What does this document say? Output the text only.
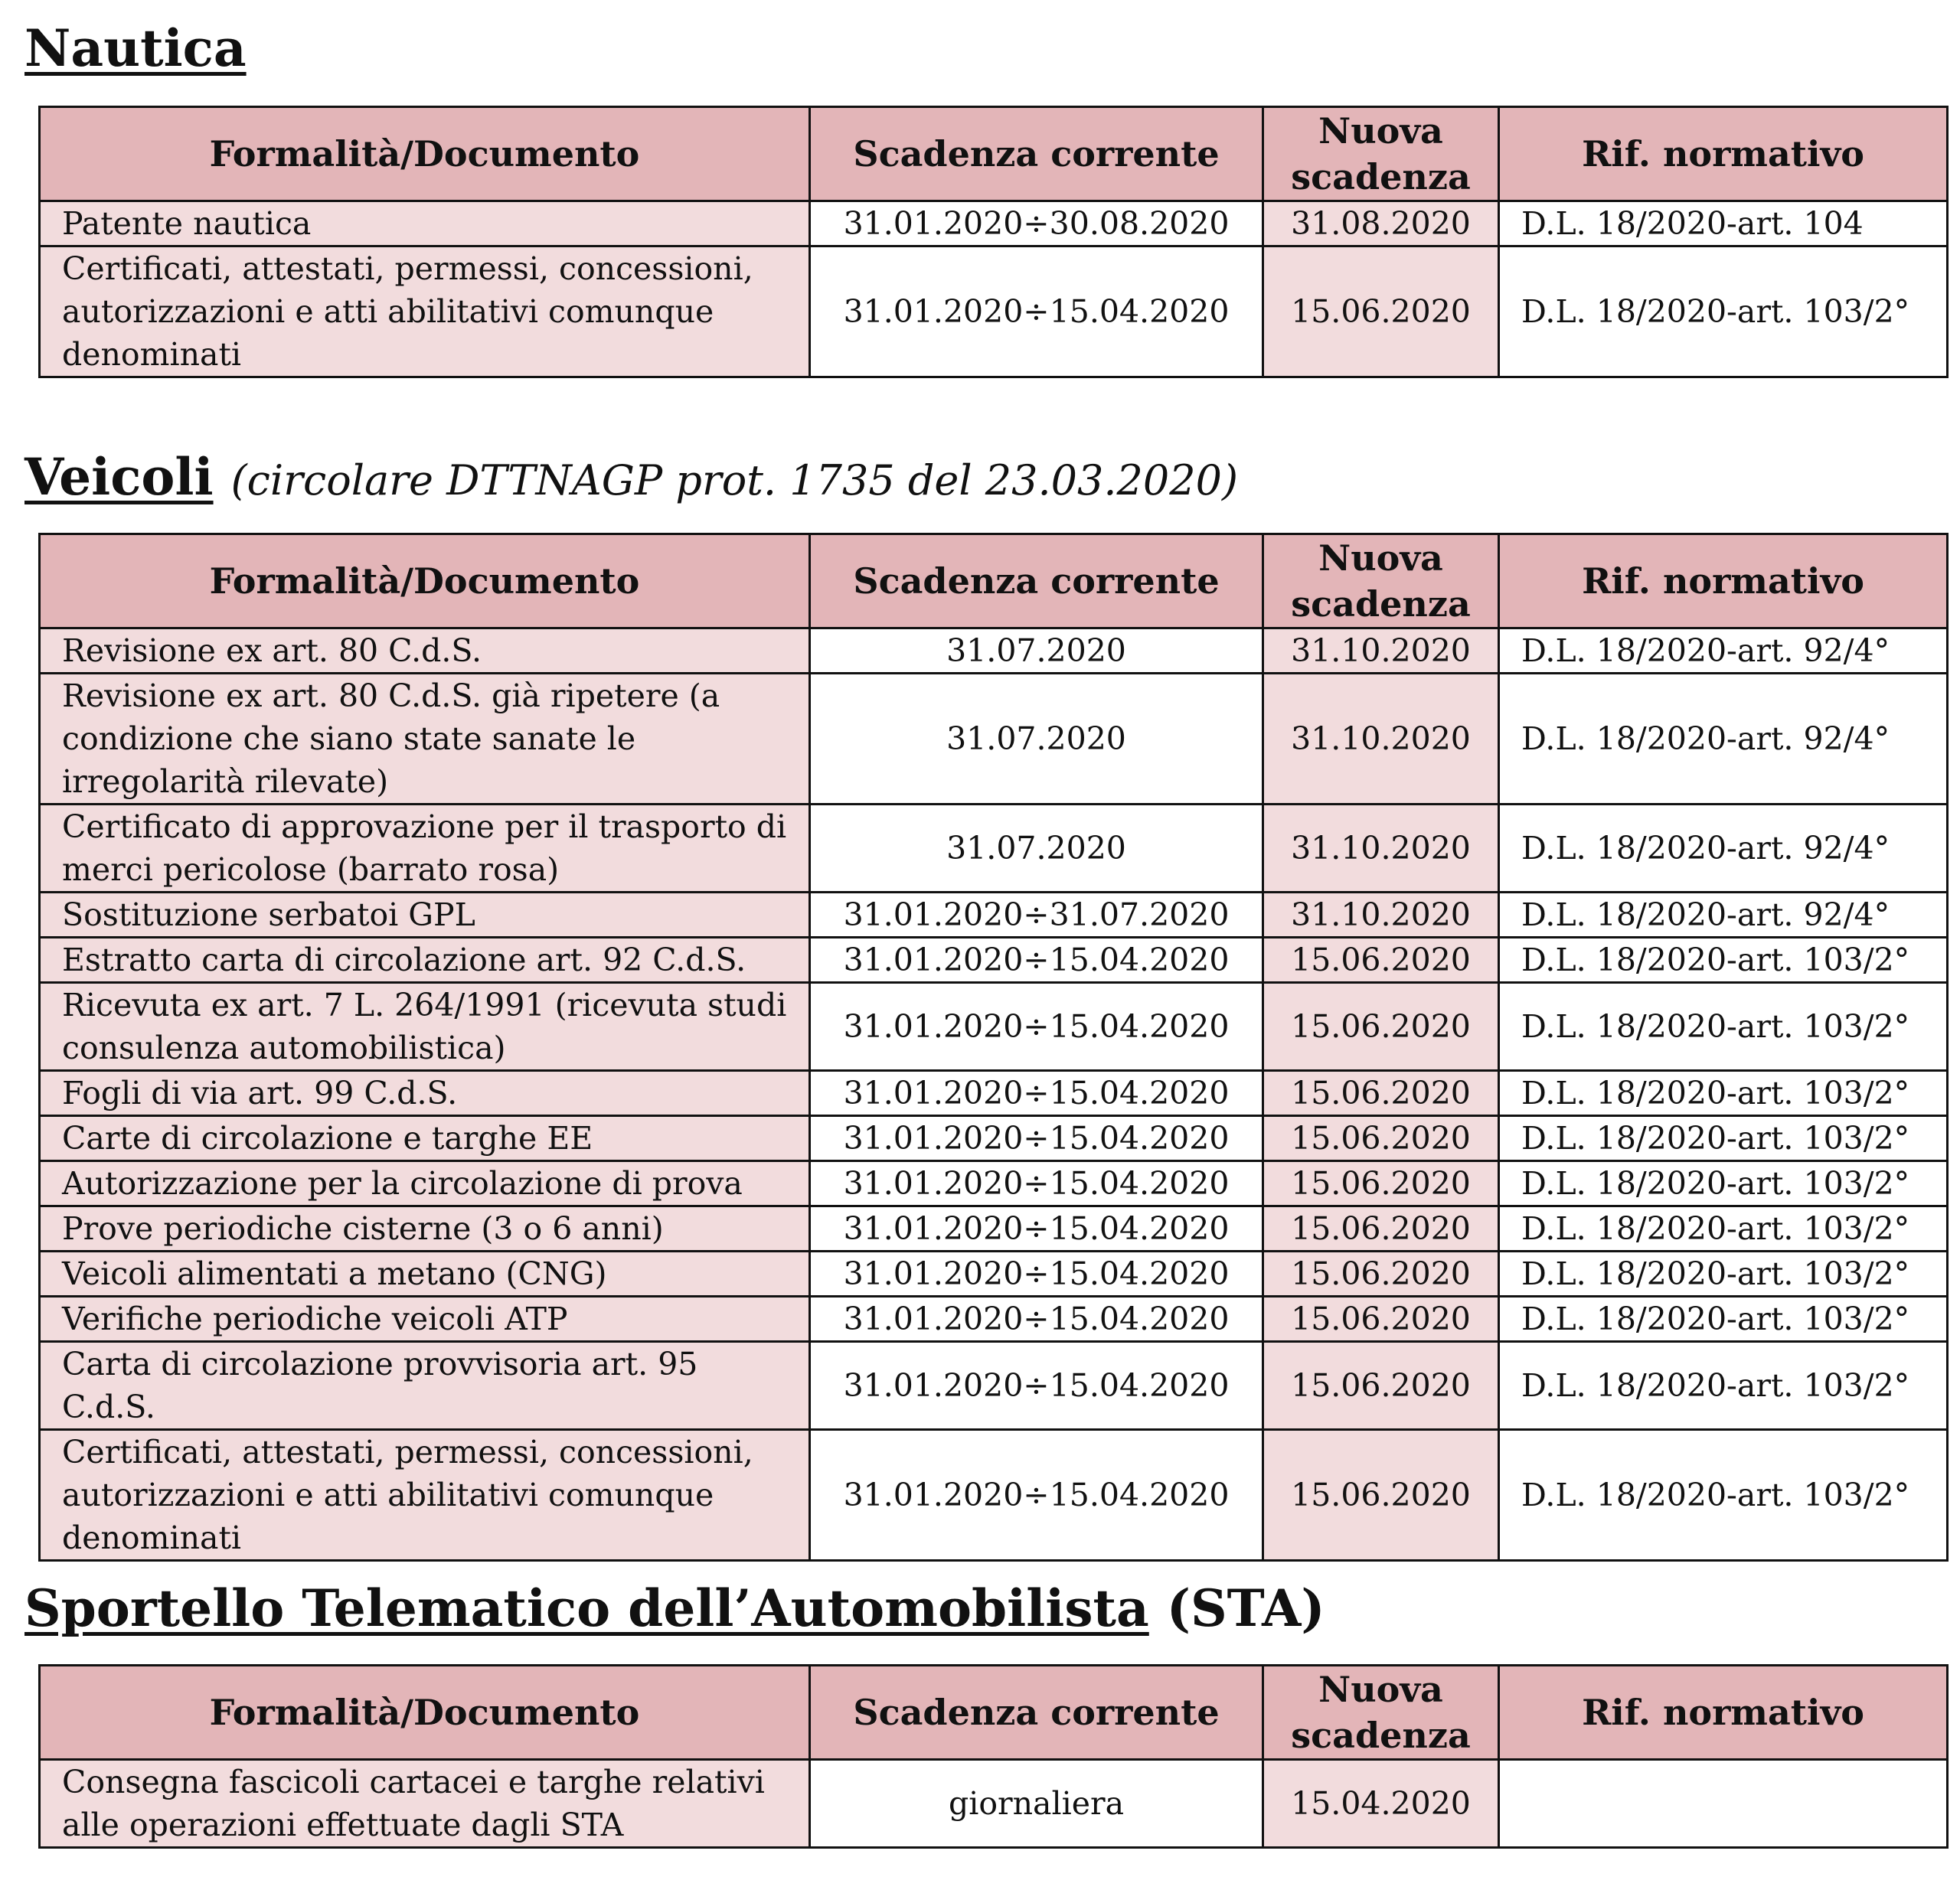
Nautica
Formalità/Documento	Scadenza corrente	Nuova scadenza	Rif. normativo
Patente nautica	31.01.2020÷30.08.2020	31.08.2020	D.L. 18/2020-art. 104
Certificati, attestati, permessi, concessioni, autorizzazioni e atti abilitativi comunque denominati	31.01.2020÷15.04.2020	15.06.2020	D.L. 18/2020-art. 103/2°
Veicoli (circolare DTTNAGP prot. 1735 del 23.03.2020)
Formalità/Documento	Scadenza corrente	Nuova scadenza	Rif. normativo
Revisione ex art. 80 C.d.S.	31.07.2020	31.10.2020	D.L. 18/2020-art. 92/4°
Revisione ex art. 80 C.d.S. già ripetere (a condizione che siano state sanate le irregolarità rilevate)	31.07.2020	31.10.2020	D.L. 18/2020-art. 92/4°
Certificato di approvazione per il trasporto di merci pericolose (barrato rosa)	31.07.2020	31.10.2020	D.L. 18/2020-art. 92/4°
Sostituzione serbatoi GPL	31.01.2020÷31.07.2020	31.10.2020	D.L. 18/2020-art. 92/4°
Estratto carta di circolazione art. 92 C.d.S.	31.01.2020÷15.04.2020	15.06.2020	D.L. 18/2020-art. 103/2°
Ricevuta ex art. 7 L. 264/1991 (ricevuta studi consulenza automobilistica)	31.01.2020÷15.04.2020	15.06.2020	D.L. 18/2020-art. 103/2°
Fogli di via art. 99 C.d.S.	31.01.2020÷15.04.2020	15.06.2020	D.L. 18/2020-art. 103/2°
Carte di circolazione e targhe EE	31.01.2020÷15.04.2020	15.06.2020	D.L. 18/2020-art. 103/2°
Autorizzazione per la circolazione di prova	31.01.2020÷15.04.2020	15.06.2020	D.L. 18/2020-art. 103/2°
Prove periodiche cisterne (3 o 6 anni)	31.01.2020÷15.04.2020	15.06.2020	D.L. 18/2020-art. 103/2°
Veicoli alimentati a metano (CNG)	31.01.2020÷15.04.2020	15.06.2020	D.L. 18/2020-art. 103/2°
Verifiche periodiche veicoli ATP	31.01.2020÷15.04.2020	15.06.2020	D.L. 18/2020-art. 103/2°
Carta di circolazione provvisoria art. 95 C.d.S.	31.01.2020÷15.04.2020	15.06.2020	D.L. 18/2020-art. 103/2°
Certificati, attestati, permessi, concessioni, autorizzazioni e atti abilitativi comunque denominati	31.01.2020÷15.04.2020	15.06.2020	D.L. 18/2020-art. 103/2°
Sportello Telematico dell’Automobilista (STA)
Formalità/Documento	Scadenza corrente	Nuova scadenza	Rif. normativo
Consegna fascicoli cartacei e targhe relativi alle operazioni effettuate dagli STA	giornaliera	15.04.2020	
